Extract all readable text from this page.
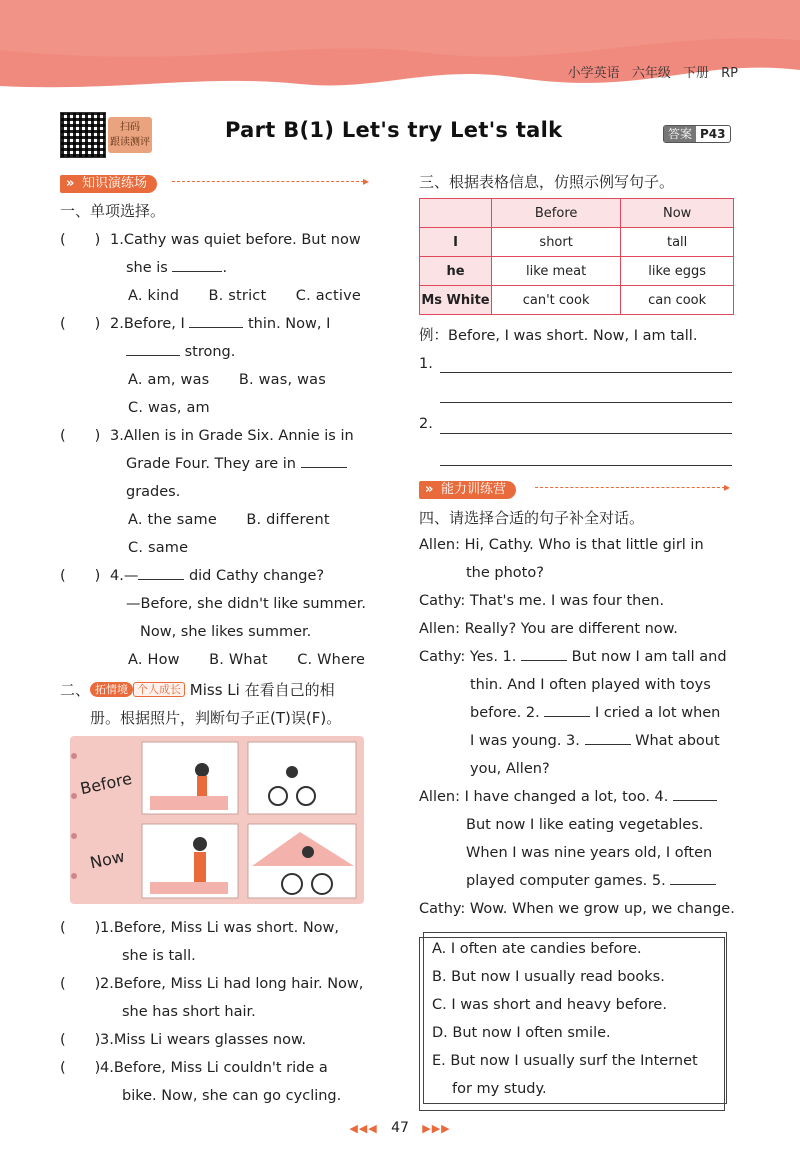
小学英语 六年级 下册 RP
扫码
跟读测评
Part B(1) Let's try Let's talk	答案 P43
» 知识演练场	▸
一、单项选择。
(　　) 1.Cathy was quiet before. But now
she is	.
A. kind　　 B. strict　　 C. active
(　　) 2.Before, I	thin. Now, I
strong.
A. am, was　　 B. was, was
C. was, am
(　　) 3.Allen is in Grade Six. Annie is in
Grade Four. They are in
grades.
A. the same　　 B. different
C. same
(　　) 4.—	did Cathy change?
—Before, she didn't like summer.
Now, she likes summer.
A. How　　 B. What　　 C. Where
二、 拓情境 个人成长 Miss Li 在看自己的相
册。根据照片，判断句子正(T)误(F)。
Before
Now
(　　) 1.Before, Miss Li was short. Now,
she is tall.
(　　) 2.Before, Miss Li had long hair. Now,
she has short hair.
(　　) 3.Miss Li wears glasses now.
(　　) 4.Before, Miss Li couldn't ride a
bike. Now, she can go cycling.
三、根据表格信息，仿照示例写句子。
	Before	Now
I	short	tall
he	like meat	like eggs
Ms White	can't cook	can cook
例：Before, I was short. Now, I am tall.
1.
2.
» 能力训练营	▸
四、请选择合适的句子补全对话。
Allen: Hi, Cathy. Who is that little girl in
the photo?
Cathy: That's me. I was four then.
Allen: Really? You are different now.
Cathy: Yes. 1.	But now I am tall and
thin. And I often played with toys
before. 2.	I cried a lot when
I was young. 3.	What about
you, Allen?
Allen: I have changed a lot, too. 4.
But now I like eating vegetables.
When I was nine years old, I often
played computer games. 5.
Cathy: Wow. When we grow up, we change.
A. I often ate candies before.
B. But now I usually read books.
C. I was short and heavy before.
D. But now I often smile.
E. But now I usually surf the Internet
for my study.
◀◀◀ 47 ▶▶▶
